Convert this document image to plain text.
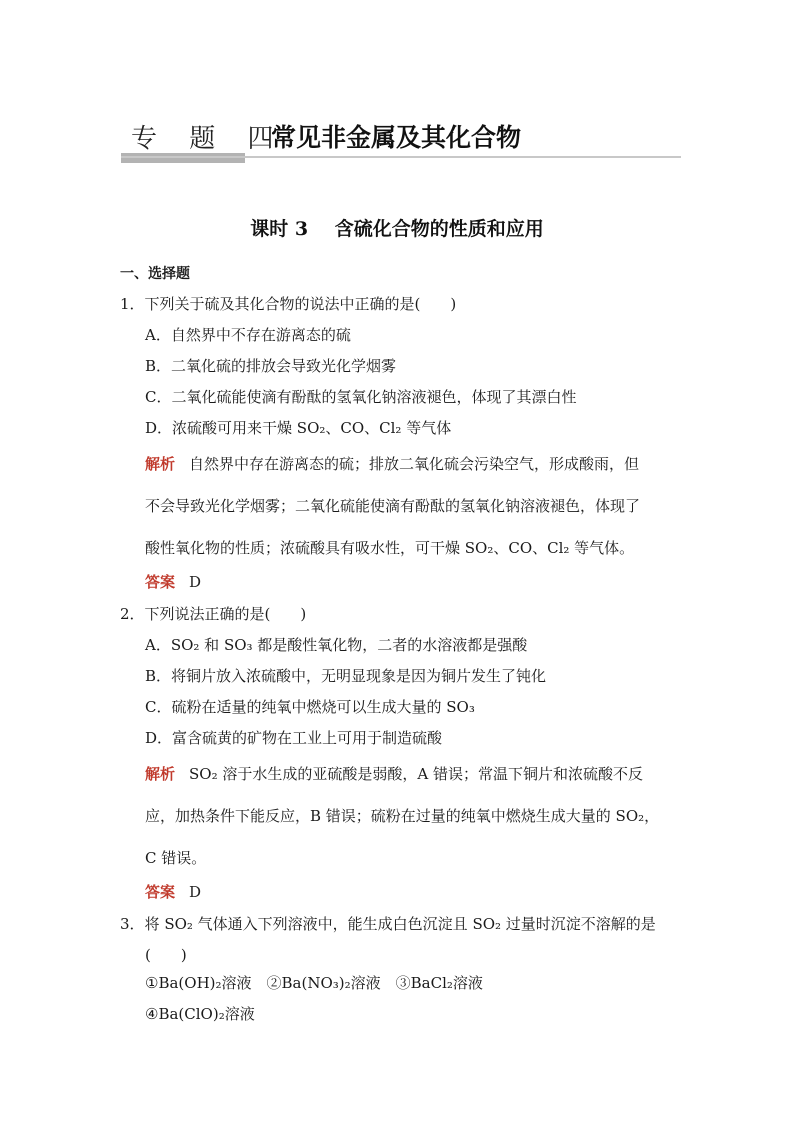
专 题 四
常见非金属及其化合物
课时 3 含硫化合物的性质和应用
一、选择题
1．下列关于硫及其化合物的说法中正确的是(　　)
A．自然界中不存在游离态的硫
B．二氧化硫的排放会导致光化学烟雾
C．二氧化硫能使滴有酚酞的氢氧化钠溶液褪色，体现了其漂白性
D．浓硫酸可用来干燥 SO₂、CO、Cl₂ 等气体
解析 自然界中存在游离态的硫；排放二氧化硫会污染空气，形成酸雨，但
不会导致光化学烟雾；二氧化硫能使滴有酚酞的氢氧化钠溶液褪色，体现了
酸性氧化物的性质；浓硫酸具有吸水性，可干燥 SO₂、CO、Cl₂ 等气体。
答案 D
2．下列说法正确的是(　　)
A．SO₂ 和 SO₃ 都是酸性氧化物，二者的水溶液都是强酸
B．将铜片放入浓硫酸中，无明显现象是因为铜片发生了钝化
C．硫粉在适量的纯氧中燃烧可以生成大量的 SO₃
D．富含硫黄的矿物在工业上可用于制造硫酸
解析 SO₂ 溶于水生成的亚硫酸是弱酸，A 错误；常温下铜片和浓硫酸不反
应，加热条件下能反应，B 错误；硫粉在过量的纯氧中燃烧生成大量的 SO₂，
C 错误。
答案 D
3．将 SO₂ 气体通入下列溶液中，能生成白色沉淀且 SO₂ 过量时沉淀不溶解的是
(　　)
①Ba(OH)₂溶液　②Ba(NO₃)₂溶液　③BaCl₂溶液
④Ba(ClO)₂溶液
